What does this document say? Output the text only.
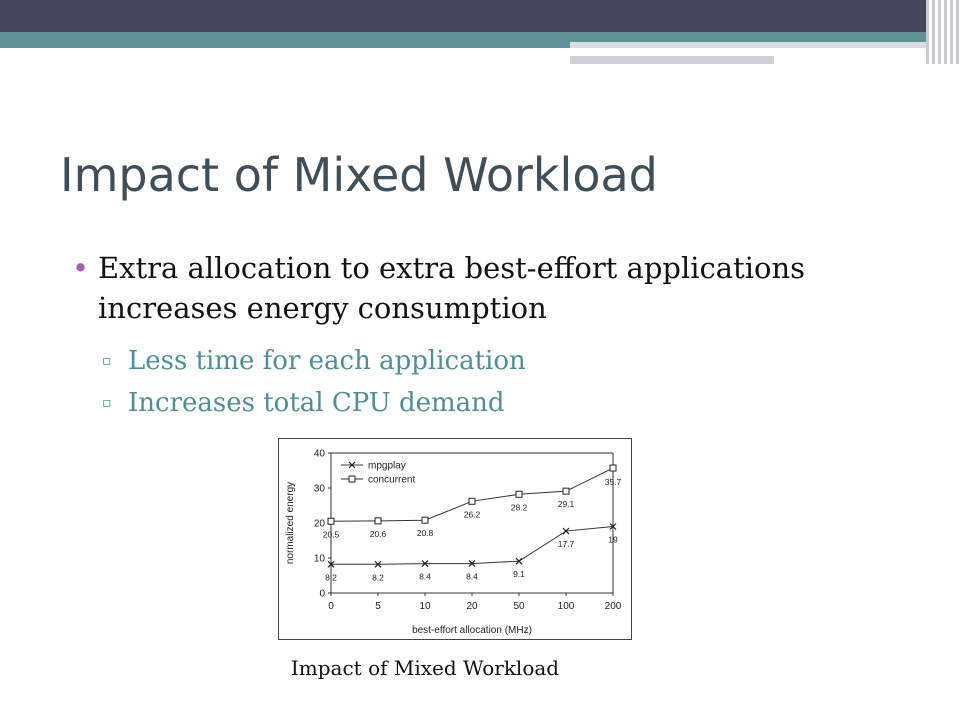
Impact of Mixed Workload
• Extra allocation to extra best-effort applications increases energy consumption
▫ Less time for each application
▫ Increases total CPU demand
0
10
20
30
40
0	5	10	20	50	100	200
best-effort allocation (MHz)
normalized energy
8.2	8.2	8.4	8.4	9.1
17.7	19
20.5	20.6	20.8
26.2
28.2	29.1
35.7
mpgplay
concurrent
Impact of Mixed Workload
